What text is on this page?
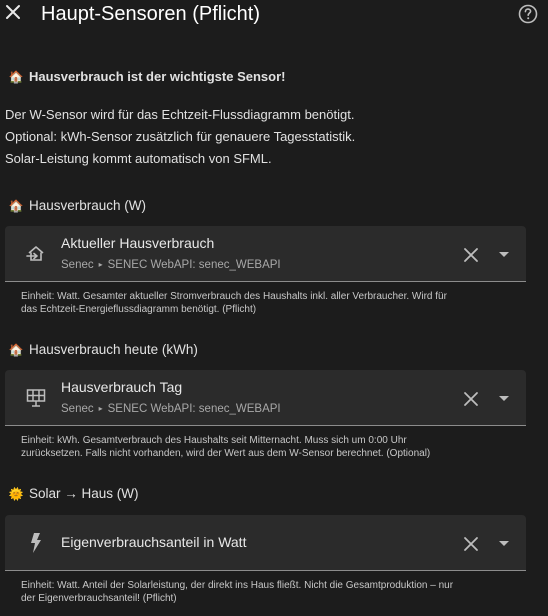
Haupt-Sensoren (Pflicht)
🏠 Hausverbrauch ist der wichtigste Sensor!
Der W-Sensor wird für das Echtzeit-Flussdiagramm benötigt.
Optional: kWh-Sensor zusätzlich für genauere Tagesstatistik.
Solar-Leistung kommt automatisch von SFML.
🏠 Hausverbrauch (W)
Aktueller Hausverbrauch
Senec ▸ SENEC WebAPI: senec_WEBAPI
Einheit: Watt. Gesamter aktueller Stromverbrauch des Haushalts inkl. aller Verbraucher. Wird für
das Echtzeit-Energieflussdiagramm benötigt. (Pflicht)
🏠 Hausverbrauch heute (kWh)
Hausverbrauch Tag
Senec ▸ SENEC WebAPI: senec_WEBAPI
Einheit: kWh. Gesamtverbrauch des Haushalts seit Mitternacht. Muss sich um 0:00 Uhr
zurücksetzen. Falls nicht vorhanden, wird der Wert aus dem W-Sensor berechnet. (Optional)
🌞 Solar → Haus (W)
Eigenverbrauchsanteil in Watt
Einheit: Watt. Anteil der Solarleistung, der direkt ins Haus fließt. Nicht die Gesamtproduktion – nur
der Eigenverbrauchsanteil! (Pflicht)
